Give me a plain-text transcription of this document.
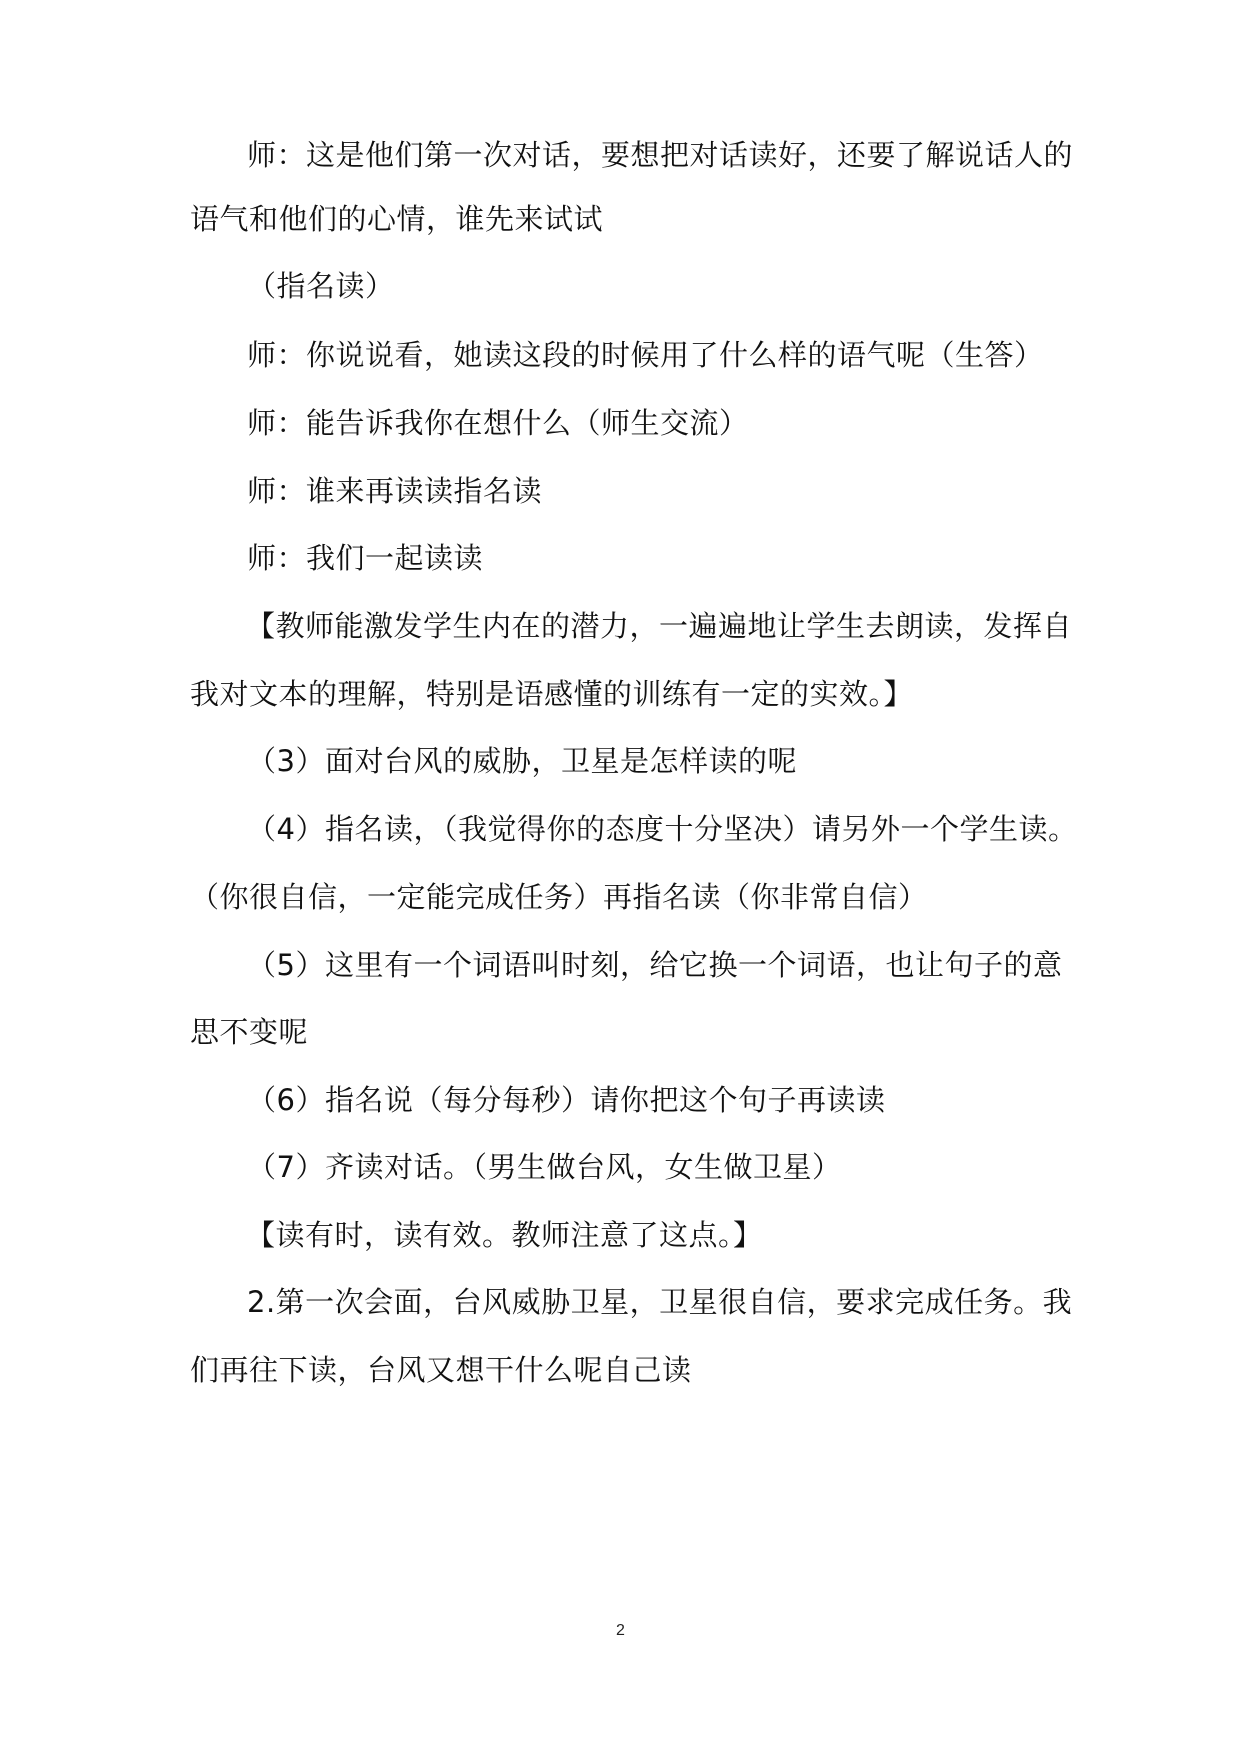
师：这是他们第一次对话，要想把对话读好，还要了解说话人的
语气和他们的心情，谁先来试试
（指名读）
师：你说说看，她读这段的时候用了什么样的语气呢（生答）
师：能告诉我你在想什么（师生交流）
师：谁来再读读指名读
师：我们一起读读
【教师能激发学生内在的潜力，一遍遍地让学生去朗读，发挥自
我对文本的理解，特别是语感懂的训练有一定的实效。】
（3）面对台风的威胁，卫星是怎样读的呢
（4）指名读，（我觉得你的态度十分坚决）请另外一个学生读。
（你很自信，一定能完成任务）再指名读（你非常自信）
（5）这里有一个词语叫时刻，给它换一个词语，也让句子的意
思不变呢
（6）指名说（每分每秒）请你把这个句子再读读
（7）齐读对话。（男生做台风，女生做卫星）
【读有时，读有效。教师注意了这点。】
2.第一次会面，台风威胁卫星，卫星很自信，要求完成任务。我
们再往下读，台风又想干什么呢自己读
2
